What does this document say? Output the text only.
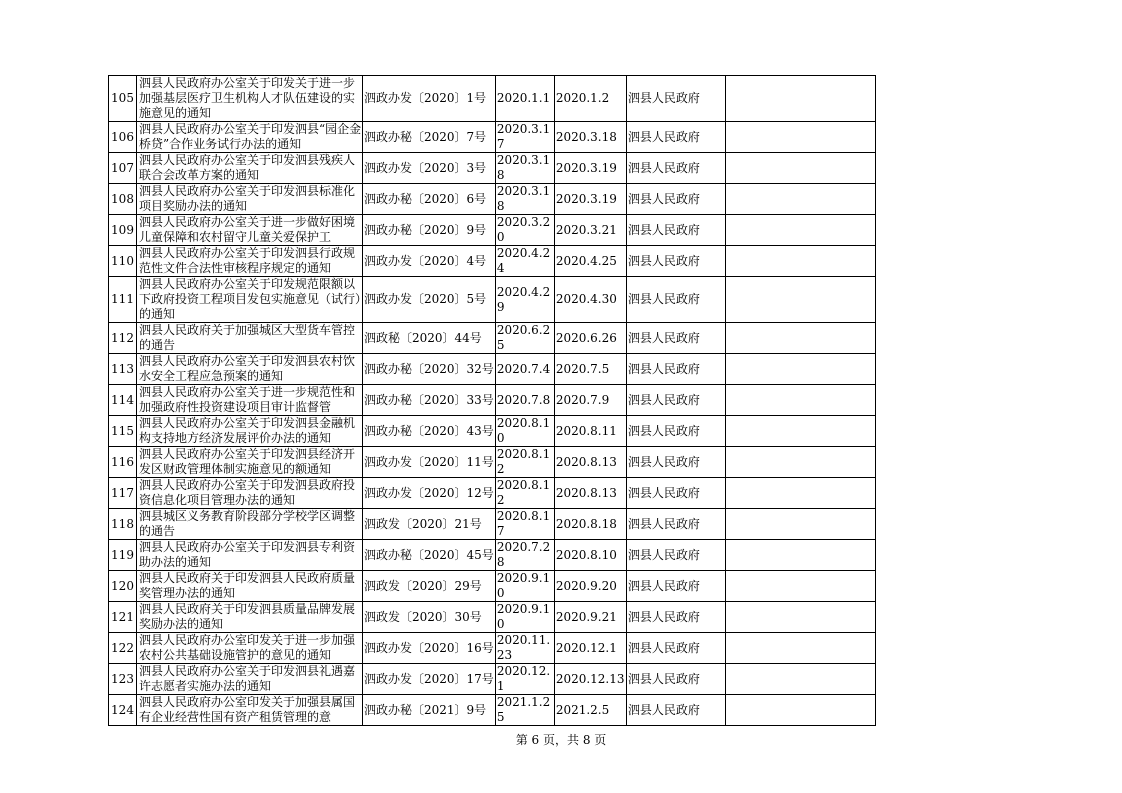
105	泗县人民政府办公室关于印发关于进一步加强基层医疗卫生机构人才队伍建设的实施意见的通知	泗政办发〔2020〕1号	2020.1.1	2020.1.2	泗县人民政府	
106	泗县人民政府办公室关于印发泗县“园企金桥贷”合作业务试行办法的通知	泗政办秘〔2020〕7号	2020.3.17	2020.3.18	泗县人民政府	
107	泗县人民政府办公室关于印发泗县残疾人联合会改革方案的通知	泗政办发〔2020〕3号	2020.3.18	2020.3.19	泗县人民政府	
108	泗县人民政府办公室关于印发泗县标准化项目奖励办法的通知	泗政办秘〔2020〕6号	2020.3.18	2020.3.19	泗县人民政府	
109	泗县人民政府办公室关于进一步做好困境儿童保障和农村留守儿童关爱保护工	泗政办秘〔2020〕9号	2020.3.20	2020.3.21	泗县人民政府	
110	泗县人民政府办公室关于印发泗县行政规范性文件合法性审核程序规定的通知	泗政办发〔2020〕4号	2020.4.24	2020.4.25	泗县人民政府	
111	泗县人民政府办公室关于印发规范限额以下政府投资工程项目发包实施意见（试行）的通知	泗政办发〔2020〕5号	2020.4.29	2020.4.30	泗县人民政府	
112	泗县人民政府关于加强城区大型货车管控的通告	泗政秘〔2020〕44号	2020.6.25	2020.6.26	泗县人民政府	
113	泗县人民政府办公室关于印发泗县农村饮水安全工程应急预案的通知	泗政办秘〔2020〕32号	2020.7.4	2020.7.5	泗县人民政府	
114	泗县人民政府办公室关于进一步规范性和加强政府性投资建设项目审计监督管	泗政办秘〔2020〕33号	2020.7.8	2020.7.9	泗县人民政府	
115	泗县人民政府办公室关于印发泗县金融机构支持地方经济发展评价办法的通知	泗政办秘〔2020〕43号	2020.8.10	2020.8.11	泗县人民政府	
116	泗县人民政府办公室关于印发泗县经济开发区财政管理体制实施意见的额通知	泗政办发〔2020〕11号	2020.8.12	2020.8.13	泗县人民政府	
117	泗县人民政府办公室关于印发泗县政府投资信息化项目管理办法的通知	泗政办发〔2020〕12号	2020.8.12	2020.8.13	泗县人民政府	
118	泗县城区义务教育阶段部分学校学区调整的通告	泗政发〔2020〕21号	2020.8.17	2020.8.18	泗县人民政府	
119	泗县人民政府办公室关于印发泗县专利资助办法的通知	泗政办秘〔2020〕45号	2020.7.28	2020.8.10	泗县人民政府	
120	泗县人民政府关于印发泗县人民政府质量奖管理办法的通知	泗政发〔2020〕29号	2020.9.10	2020.9.20	泗县人民政府	
121	泗县人民政府关于印发泗县质量品牌发展奖励办法的通知	泗政发〔2020〕30号	2020.9.10	2020.9.21	泗县人民政府	
122	泗县人民政府办公室印发关于进一步加强农村公共基础设施管护的意见的通知	泗政办发〔2020〕16号	2020.11.23	2020.12.1	泗县人民政府	
123	泗县人民政府办公室关于印发泗县礼遇嘉许志愿者实施办法的通知	泗政办发〔2020〕17号	2020.12.1	2020.12.13	泗县人民政府	
124	泗县人民政府办公室印发关于加强县属国有企业经营性国有资产租赁管理的意	泗政办秘〔2021〕9号	2021.1.25	2021.2.5	泗县人民政府	
第 6 页，共 8 页
